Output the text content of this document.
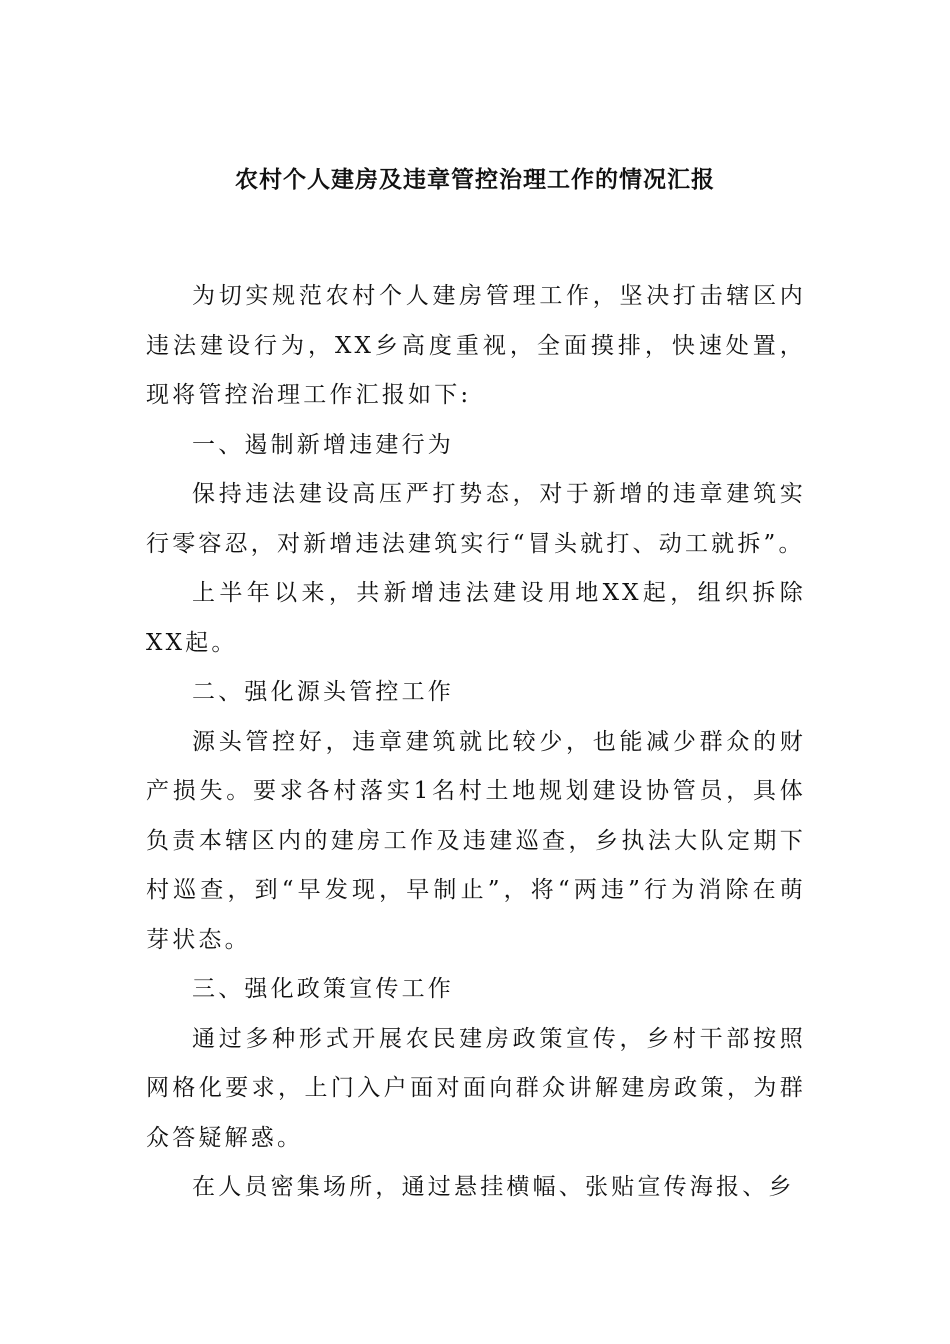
农村个人建房及违章管控治理工作的情况汇报

为切实规范农村个人建房管理工作，坚决打击辖区内违法建设行为，XX乡高度重视，全面摸排，快速处置，现将管控治理工作汇报如下:

一、遏制新增违建行为

保持违法建设高压严打势态，对于新增的违章建筑实行零容忍，对新增违法建筑实行“冒头就打、动工就拆”。

上半年以来，共新增违法建设用地XX起，组织拆除XX起。

二、强化源头管控工作

源头管控好，违章建筑就比较少，也能减少群众的财产损失。要求各村落实1名村土地规划建设协管员，具体负责本辖区内的建房工作及违建巡查，乡执法大队定期下村巡查，到“早发现，早制止”，将“两违”行为消除在萌芽状态。

三、强化政策宣传工作

通过多种形式开展农民建房政策宣传，乡村干部按照网格化要求，上门入户面对面向群众讲解建房政策，为群众答疑解惑。

在人员密集场所，通过悬挂横幅、张贴宣传海报、乡
